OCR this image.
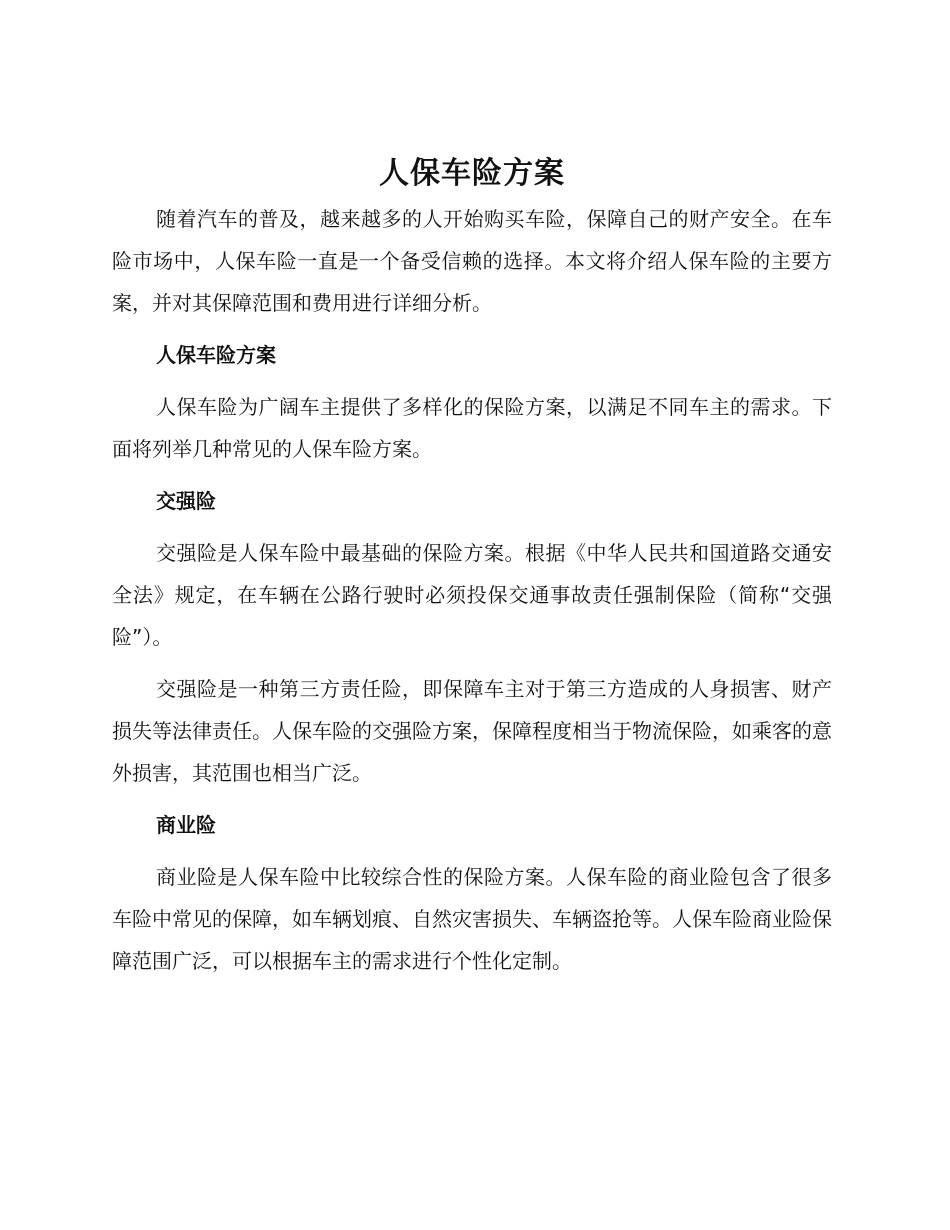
人保车险方案

随着汽车的普及，越来越多的人开始购买车险，保障自己的财产安全。在车险市场中，人保车险一直是一个备受信赖的选择。本文将介绍人保车险的主要方案，并对其保障范围和费用进行详细分析。

人保车险方案

人保车险为广阔车主提供了多样化的保险方案，以满足不同车主的需求。下面将列举几种常见的人保车险方案。

交强险

交强险是人保车险中最基础的保险方案。根据《中华人民共和国道路交通安全法》规定，在车辆在公路行驶时必须投保交通事故责任强制保险（简称“交强险”）。

交强险是一种第三方责任险，即保障车主对于第三方造成的人身损害、财产损失等法律责任。人保车险的交强险方案，保障程度相当于物流保险，如乘客的意外损害，其范围也相当广泛。

商业险

商业险是人保车险中比较综合性的保险方案。人保车险的商业险包含了很多车险中常见的保障，如车辆划痕、自然灾害损失、车辆盗抢等。人保车险商业险保障范围广泛，可以根据车主的需求进行个性化定制。
